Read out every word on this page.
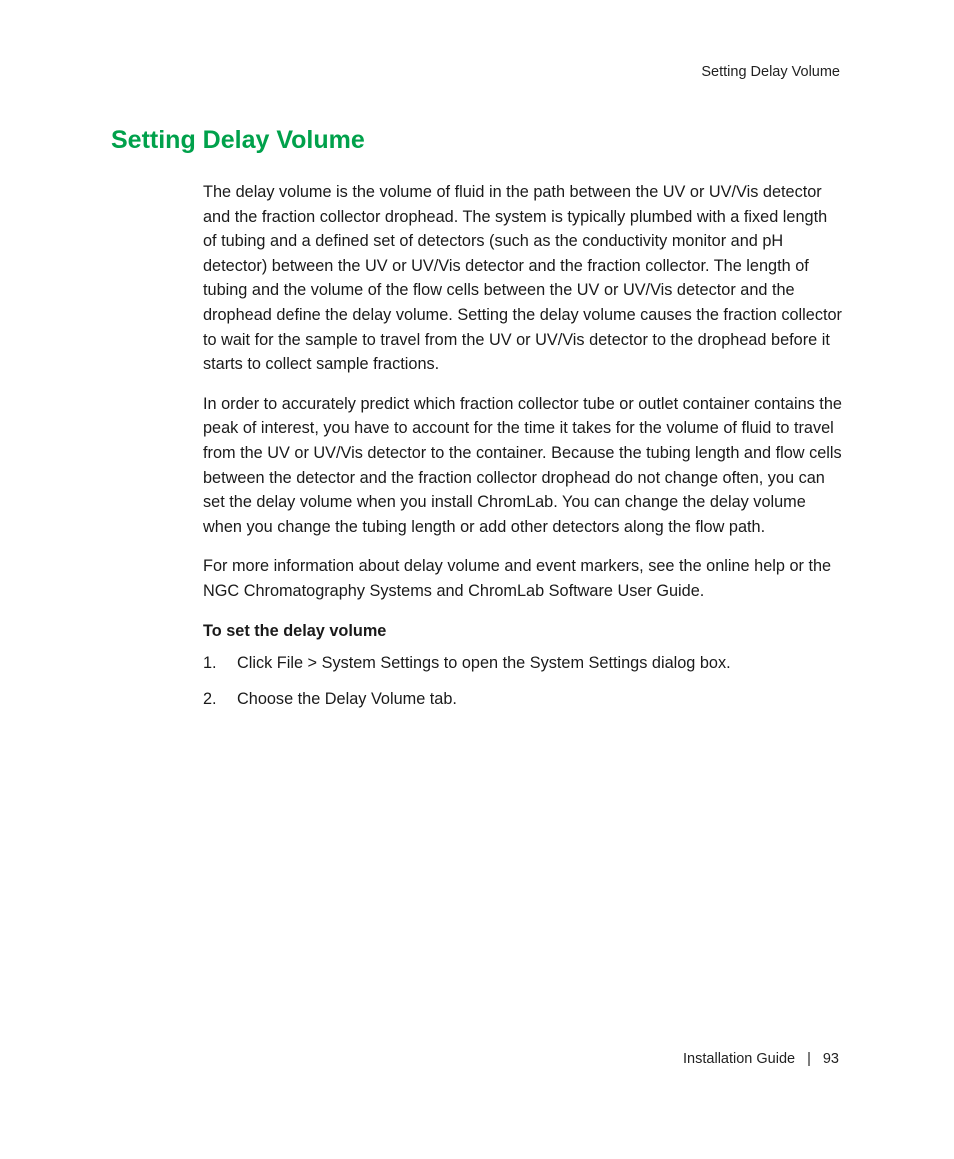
Setting Delay Volume
Setting Delay Volume

The delay volume is the volume of fluid in the path between the UV or UV/Vis detector and the fraction collector drophead. The system is typically plumbed with a fixed length of tubing and a defined set of detectors (such as the conductivity monitor and pH detector) between the UV or UV/Vis detector and the fraction collector. The length of tubing and the volume of the flow cells between the UV or UV/Vis detector and the drophead define the delay volume. Setting the delay volume causes the fraction collector to wait for the sample to travel from the UV or UV/Vis detector to the drophead before it starts to collect sample fractions.

In order to accurately predict which fraction collector tube or outlet container contains the peak of interest, you have to account for the time it takes for the volume of fluid to travel from the UV or UV/Vis detector to the container. Because the tubing length and flow cells between the detector and the fraction collector drophead do not change often, you can set the delay volume when you install ChromLab. You can change the delay volume when you change the tubing length or add other detectors along the flow path.

For more information about delay volume and event markers, see the online help or the NGC Chromatography Systems and ChromLab Software User Guide.

To set the delay volume
1.	Click File > System Settings to open the System Settings dialog box.
2.	Choose the Delay Volume tab.
Installation Guide | 93
